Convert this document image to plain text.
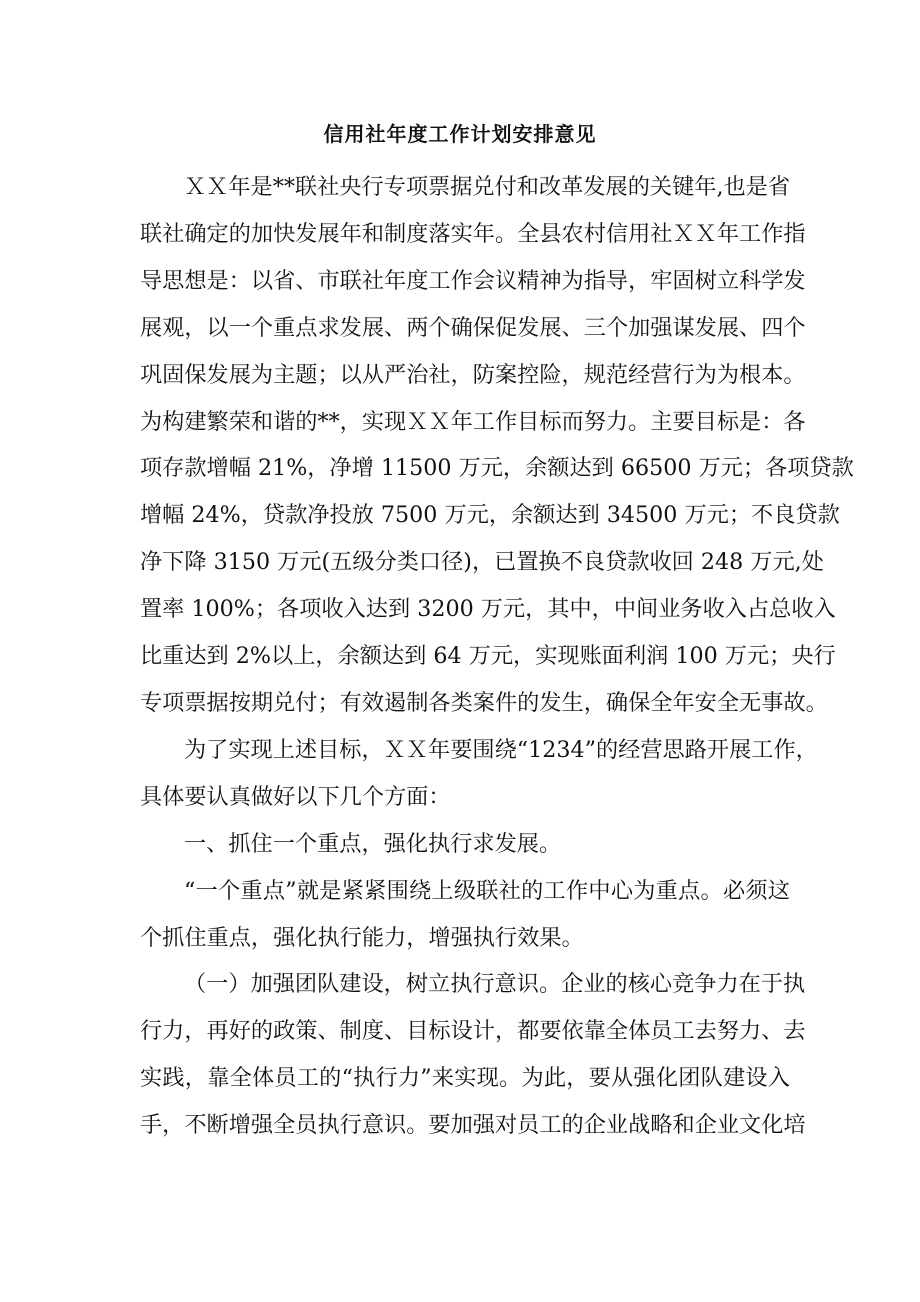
信用社年度工作计划安排意见
ＸＸ年是**联社央行专项票据兑付和改革发展的关键年,也是省
联社确定的加快发展年和制度落实年。全县农村信用社ＸＸ年工作指
导思想是：以省、市联社年度工作会议精神为指导，牢固树立科学发
展观，以一个重点求发展、两个确保促发展、三个加强谋发展、四个
巩固保发展为主题；以从严治社，防案控险，规范经营行为为根本。
为构建繁荣和谐的**，实现ＸＸ年工作目标而努力。主要目标是：各
项存款增幅 21%，净增 11500 万元，余额达到 66500 万元；各项贷款
增幅 24%，贷款净投放 7500 万元，余额达到 34500 万元；不良贷款
净下降 3150 万元(五级分类口径)，已置换不良贷款收回 248 万元,处
置率 100%；各项收入达到 3200 万元，其中，中间业务收入占总收入
比重达到 2%以上，余额达到 64 万元，实现账面利润 100 万元；央行
专项票据按期兑付；有效遏制各类案件的发生，确保全年安全无事故。
为了实现上述目标，ＸＸ年要围绕“1234”的经营思路开展工作，
具体要认真做好以下几个方面：
一、抓住一个重点，强化执行求发展。
“一个重点”就是紧紧围绕上级联社的工作中心为重点。必须这
个抓住重点，强化执行能力，增强执行效果。
（一）加强团队建设，树立执行意识。企业的核心竞争力在于执
行力，再好的政策、制度、目标设计，都要依靠全体员工去努力、去
实践，靠全体员工的“执行力”来实现。为此，要从强化团队建设入
手，不断增强全员执行意识。要加强对员工的企业战略和企业文化培
